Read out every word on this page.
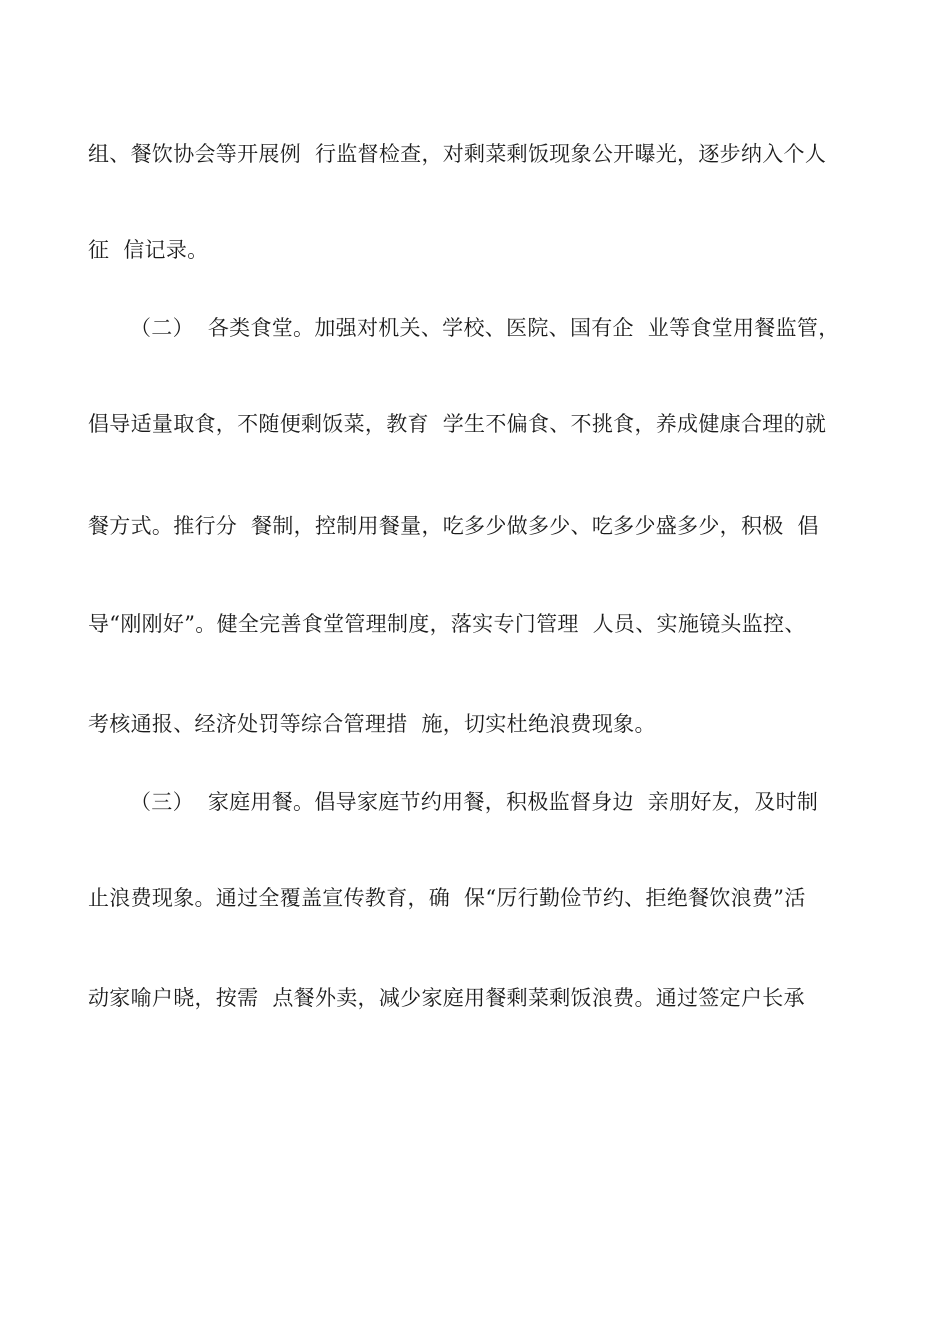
组、餐饮协会等开展例  行监督检查，对剩菜剩饭现象公开曝光，逐步纳入个人
征  信记录。
（二）  各类食堂。加强对机关、学校、医院、国有企  业等食堂用餐监管，
倡导适量取食，不随便剩饭菜，教育  学生不偏食、不挑食，养成健康合理的就
餐方式。推行分  餐制，控制用餐量，吃多少做多少、吃多少盛多少，积极  倡
导“刚刚好”。健全完善食堂管理制度，落实专门管理  人员、实施镜头监控、
考核通报、经济处罚等综合管理措  施，切实杜绝浪费现象。
（三）  家庭用餐。倡导家庭节约用餐，积极监督身边  亲朋好友，及时制
止浪费现象。通过全覆盖宣传教育，确  保“厉行勤俭节约、拒绝餐饮浪费”活
动家喻户晓，按需  点餐外卖，减少家庭用餐剩菜剩饭浪费。通过签定户长承
